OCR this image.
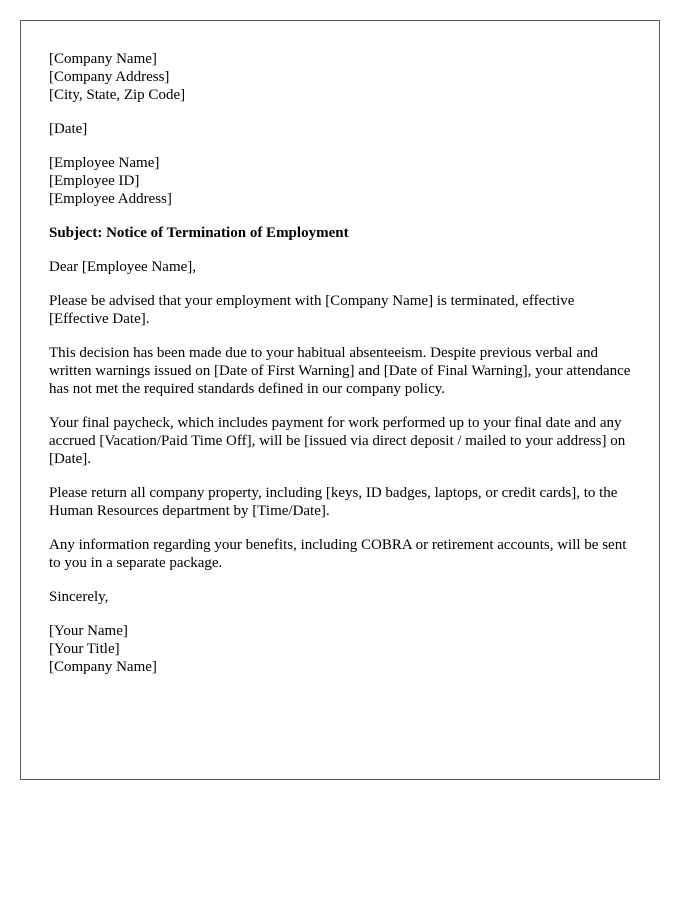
[Company Name]
[Company Address]
[City, State, Zip Code]
[Date]
[Employee Name]
[Employee ID]
[Employee Address]
Subject: Notice of Termination of Employment
Dear [Employee Name],

Please be advised that your employment with [Company Name] is terminated, effective [Effective Date].

This decision has been made due to your habitual absenteeism. Despite previous verbal and written warnings issued on [Date of First Warning] and [Date of Final Warning], your attendance has not met the required standards defined in our company policy.

Your final paycheck, which includes payment for work performed up to your final date and any accrued [Vacation/Paid Time Off], will be [issued via direct deposit / mailed to your address] on [Date].

Please return all company property, including [keys, ID badges, laptops, or credit cards], to the Human Resources department by [Time/Date].

Any information regarding your benefits, including COBRA or retirement accounts, will be sent to you in a separate package.

Sincerely,
[Your Name]
[Your Title]
[Company Name]
